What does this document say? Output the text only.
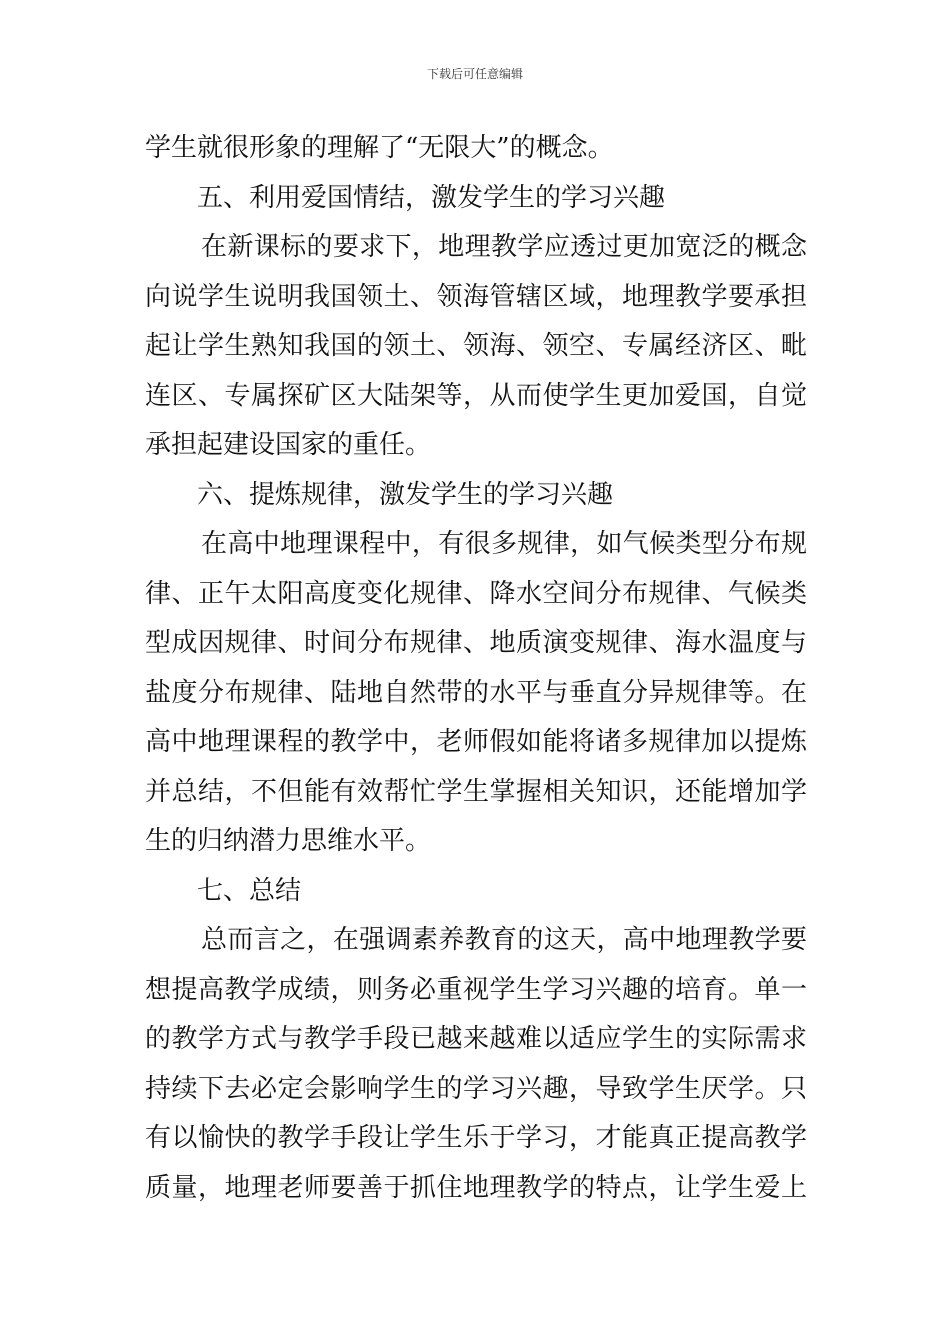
下载后可任意编辑
学生就很形象的理解了“无限大”的概念。
五、利用爱国情结，激发学生的学习兴趣
在新课标的要求下，地理教学应透过更加宽泛的概念
向说学生说明我国领土、领海管辖区域，地理教学要承担
起让学生熟知我国的领土、领海、领空、专属经济区、毗
连区、专属探矿区大陆架等，从而使学生更加爱国，自觉
承担起建设国家的重任。
六、提炼规律，激发学生的学习兴趣
在高中地理课程中，有很多规律，如气候类型分布规
律、正午太阳高度变化规律、降水空间分布规律、气候类
型成因规律、时间分布规律、地质演变规律、海水温度与
盐度分布规律、陆地自然带的水平与垂直分异规律等。在
高中地理课程的教学中，老师假如能将诸多规律加以提炼
并总结，不但能有效帮忙学生掌握相关知识，还能增加学
生的归纳潜力思维水平。
七、总结
总而言之，在强调素养教育的这天，高中地理教学要
想提高教学成绩，则务必重视学生学习兴趣的培育。单一
的教学方式与教学手段已越来越难以适应学生的实际需求
持续下去必定会影响学生的学习兴趣，导致学生厌学。只
有以愉快的教学手段让学生乐于学习，才能真正提高教学
质量，地理老师要善于抓住地理教学的特点，让学生爱上
